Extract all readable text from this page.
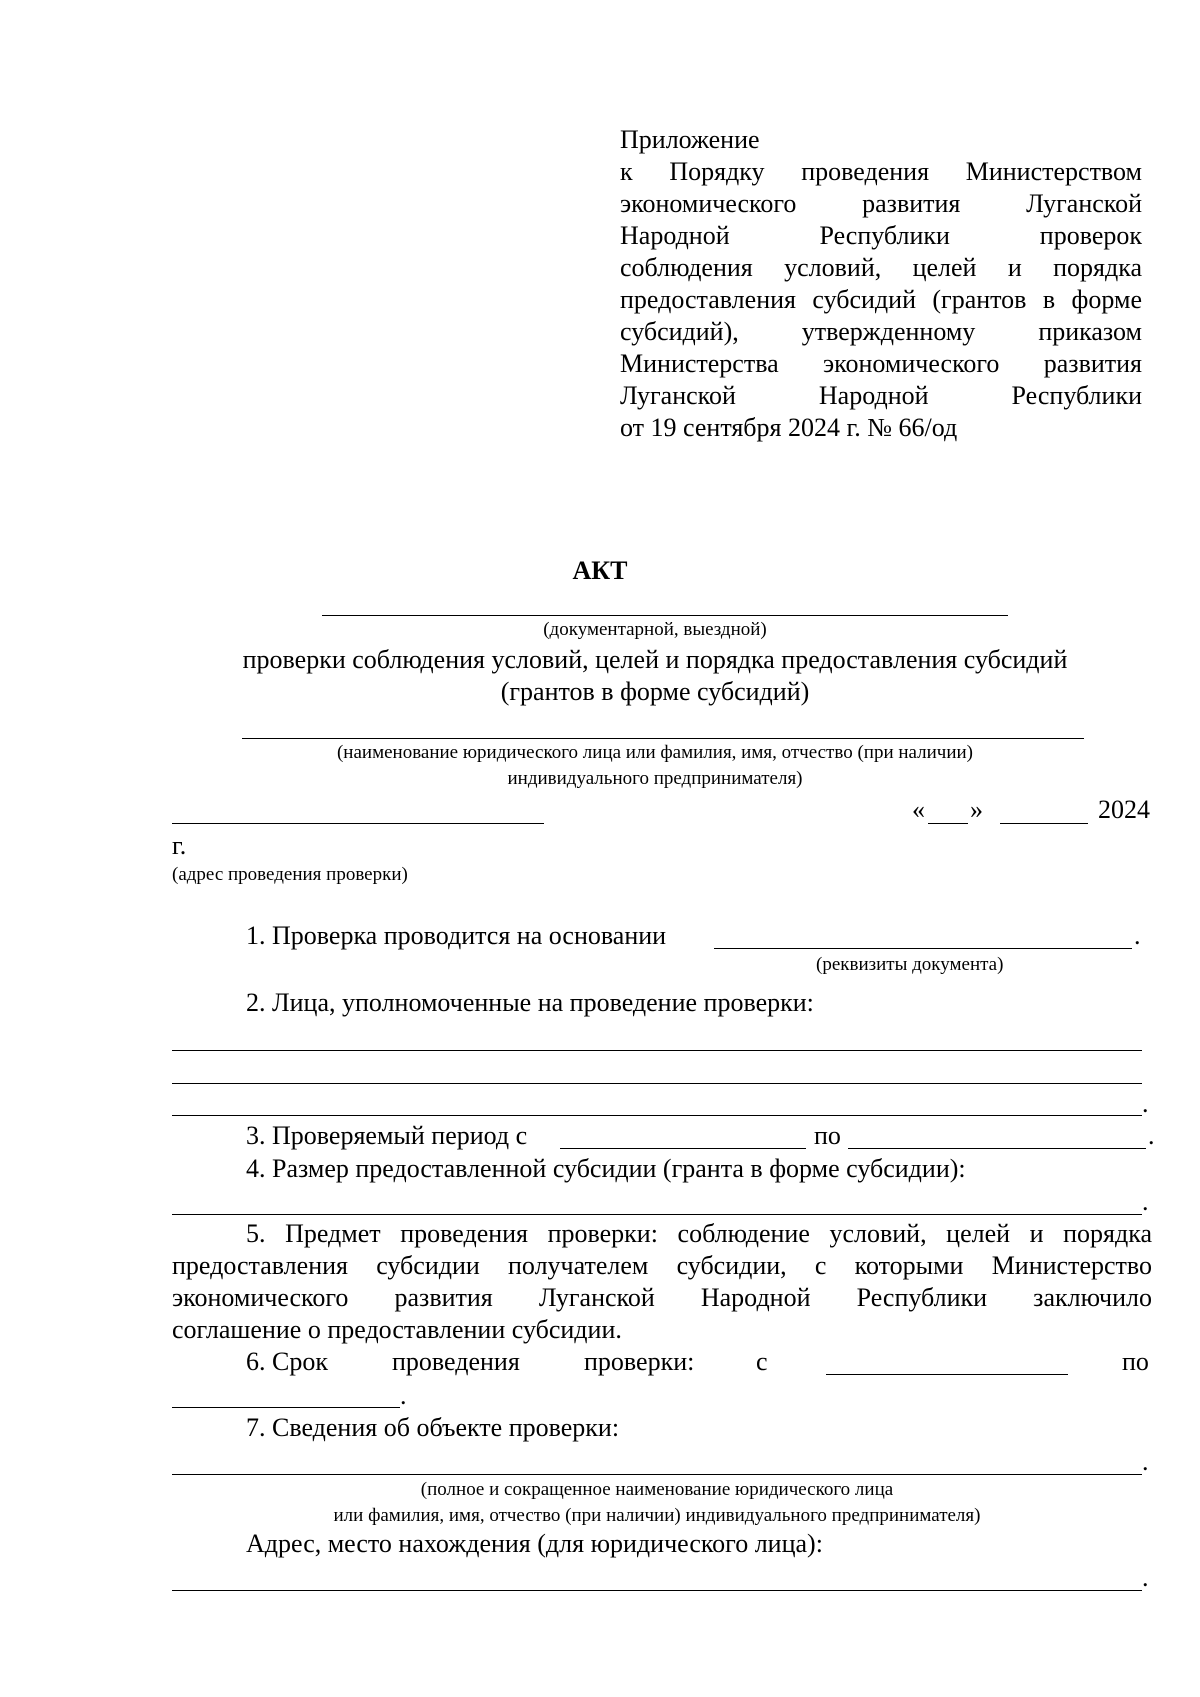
Приложение
к Порядку проведения Министерством
экономического развития Луганской
Народной Республики проверок
соблюдения условий, целей и порядка
предоставления субсидий (грантов в форме
субсидий), утвержденному приказом
Министерства экономического развития
Луганской Народной Республики
от 19 сентября 2024 г. № 66/од
АКТ
(документарной, выездной)
проверки соблюдения условий, целей и порядка предоставления субсидий
(грантов в форме субсидий)
(наименование юридического лица или фамилия, имя, отчество (при наличии)
индивидуального предпринимателя)
« »	2024
г.
(адрес проведения проверки)
1. Проверка проводится на основании	.
(реквизиты документа)
2. Лица, уполномоченные на проведение проверки:
.
3. Проверяемый период с	по	.
4. Размер предоставленной субсидии (гранта в форме субсидии):
.
5. Предмет проведения проверки: соблюдение условий, целей и порядка
предоставления субсидии получателем субсидии, с которыми Министерство
экономического развития Луганской Народной Республики заключило
соглашение о предоставлении субсидии.
6. Срок проведения проверки: с	по
.
7. Сведения об объекте проверки:
.
(полное и сокращенное наименование юридического лица
или фамилия, имя, отчество (при наличии) индивидуального предпринимателя)
Адрес, место нахождения (для юридического лица):
.
